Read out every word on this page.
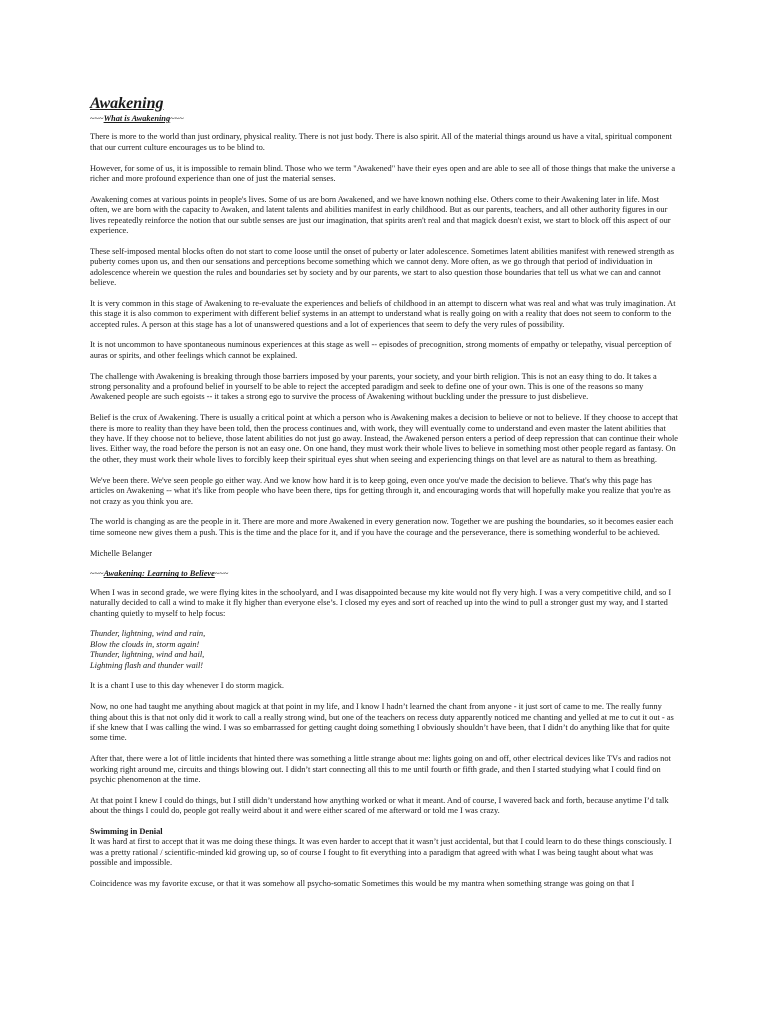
Awakening
~~~What is Awakening~~~

There is more to the world than just ordinary, physical reality. There is not just body. There is also spirit. All of the material things around us have a vital, spiritual component that our current culture encourages us to be blind to.

However, for some of us, it is impossible to remain blind. Those who we term "Awakened" have their eyes open and are able to see all of those things that make the universe a richer and more profound experience than one of just the material senses.

Awakening comes at various points in people's lives. Some of us are born Awakened, and we have known nothing else. Others come to their Awakening later in life. Most often, we are born with the capacity to Awaken, and latent talents and abilities manifest in early childhood. But as our parents, teachers, and all other authority figures in our lives repeatedly reinforce the notion that our subtle senses are just our imagination, that spirits aren't real and that magick doesn't exist, we start to block off this aspect of our experience.

These self-imposed mental blocks often do not start to come loose until the onset of puberty or later adolescence. Sometimes latent abilities manifest with renewed strength as puberty comes upon us, and then our sensations and perceptions become something which we cannot deny. More often, as we go through that period of individuation in adolescence wherein we question the rules and boundaries set by society and by our parents, we start to also question those boundaries that tell us what we can and cannot believe.

It is very common in this stage of Awakening to re-evaluate the experiences and beliefs of childhood in an attempt to discern what was real and what was truly imagination. At this stage it is also common to experiment with different belief systems in an attempt to understand what is really going on with a reality that does not seem to conform to the accepted rules. A person at this stage has a lot of unanswered questions and a lot of experiences that seem to defy the very rules of possibility.

It is not uncommon to have spontaneous numinous experiences at this stage as well -- episodes of precognition, strong moments of empathy or telepathy, visual perception of auras or spirits, and other feelings which cannot be explained.

The challenge with Awakening is breaking through those barriers imposed by your parents, your society, and your birth religion. This is not an easy thing to do. It takes a strong personality and a profound belief in yourself to be able to reject the accepted paradigm and seek to define one of your own. This is one of the reasons so many Awakened people are such egoists -- it takes a strong ego to survive the process of Awakening without buckling under the pressure to just disbelieve.

Belief is the crux of Awakening. There is usually a critical point at which a person who is Awakening makes a decision to believe or not to believe. If they choose to accept that there is more to reality than they have been told, then the process continues and, with work, they will eventually come to understand and even master the latent abilities that they have. If they choose not to believe, those latent abilities do not just go away. Instead, the Awakened person enters a period of deep repression that can continue their whole lives. Either way, the road before the person is not an easy one. On one hand, they must work their whole lives to believe in something most other people regard as fantasy. On the other, they must work their whole lives to forcibly keep their spiritual eyes shut when seeing and experiencing things on that level are as natural to them as breathing.

We've been there. We've seen people go either way. And we know how hard it is to keep going, even once you've made the decision to believe. That's why this page has articles on Awakening -- what it's like from people who have been there, tips for getting through it, and encouraging words that will hopefully make you realize that you're as not crazy as you think you are.

The world is changing as are the people in it. There are more and more Awakened in every generation now. Together we are pushing the boundaries, so it becomes easier each time someone new gives them a push. This is the time and the place for it, and if you have the courage and the perseverance, there is something wonderful to be achieved.

Michelle Belanger

~~~Awakening: Learning to Believe~~~

When I was in second grade, we were flying kites in the schoolyard, and I was disappointed because my kite would not fly very high. I was a very competitive child, and so I naturally decided to call a wind to make it fly higher than everyone else’s. I closed my eyes and sort of reached up into the wind to pull a stronger gust my way, and I started chanting quietly to myself to help focus:

Thunder, lightning, wind and rain,
Blow the clouds in, storm again!
Thunder, lightning, wind and hail,
Lightning flash and thunder wail!

It is a chant I use to this day whenever I do storm magick.

Now, no one had taught me anything about magick at that point in my life, and I know I hadn’t learned the chant from anyone - it just sort of came to me. The really funny thing about this is that not only did it work to call a really strong wind, but one of the teachers on recess duty apparently noticed me chanting and yelled at me to cut it out - as if she knew that I was calling the wind. I was so embarrassed for getting caught doing something I obviously shouldn’t have been, that I didn’t do anything like that for quite some time.

After that, there were a lot of little incidents that hinted there was something a little strange about me: lights going on and off, other electrical devices like TVs and radios not working right around me, circuits and things blowing out. I didn’t start connecting all this to me until fourth or fifth grade, and then I started studying what I could find on psychic phenomenon at the time.

At that point I knew I could do things, but I still didn’t understand how anything worked or what it meant. And of course, I wavered back and forth, because anytime I’d talk about the things I could do, people got really weird about it and were either scared of me afterward or told me I was crazy.

Swimming in Denial
It was hard at first to accept that it was me doing these things. It was even harder to accept that it wasn’t just accidental, but that I could learn to do these things consciously. I was a pretty rational / scientific-minded kid growing up, so of course I fought to fit everything into a paradigm that agreed with what I was being taught about what was possible and impossible.

Coincidence was my favorite excuse, or that it was somehow all psycho-somatic Sometimes this would be my mantra when something strange was going on that I
